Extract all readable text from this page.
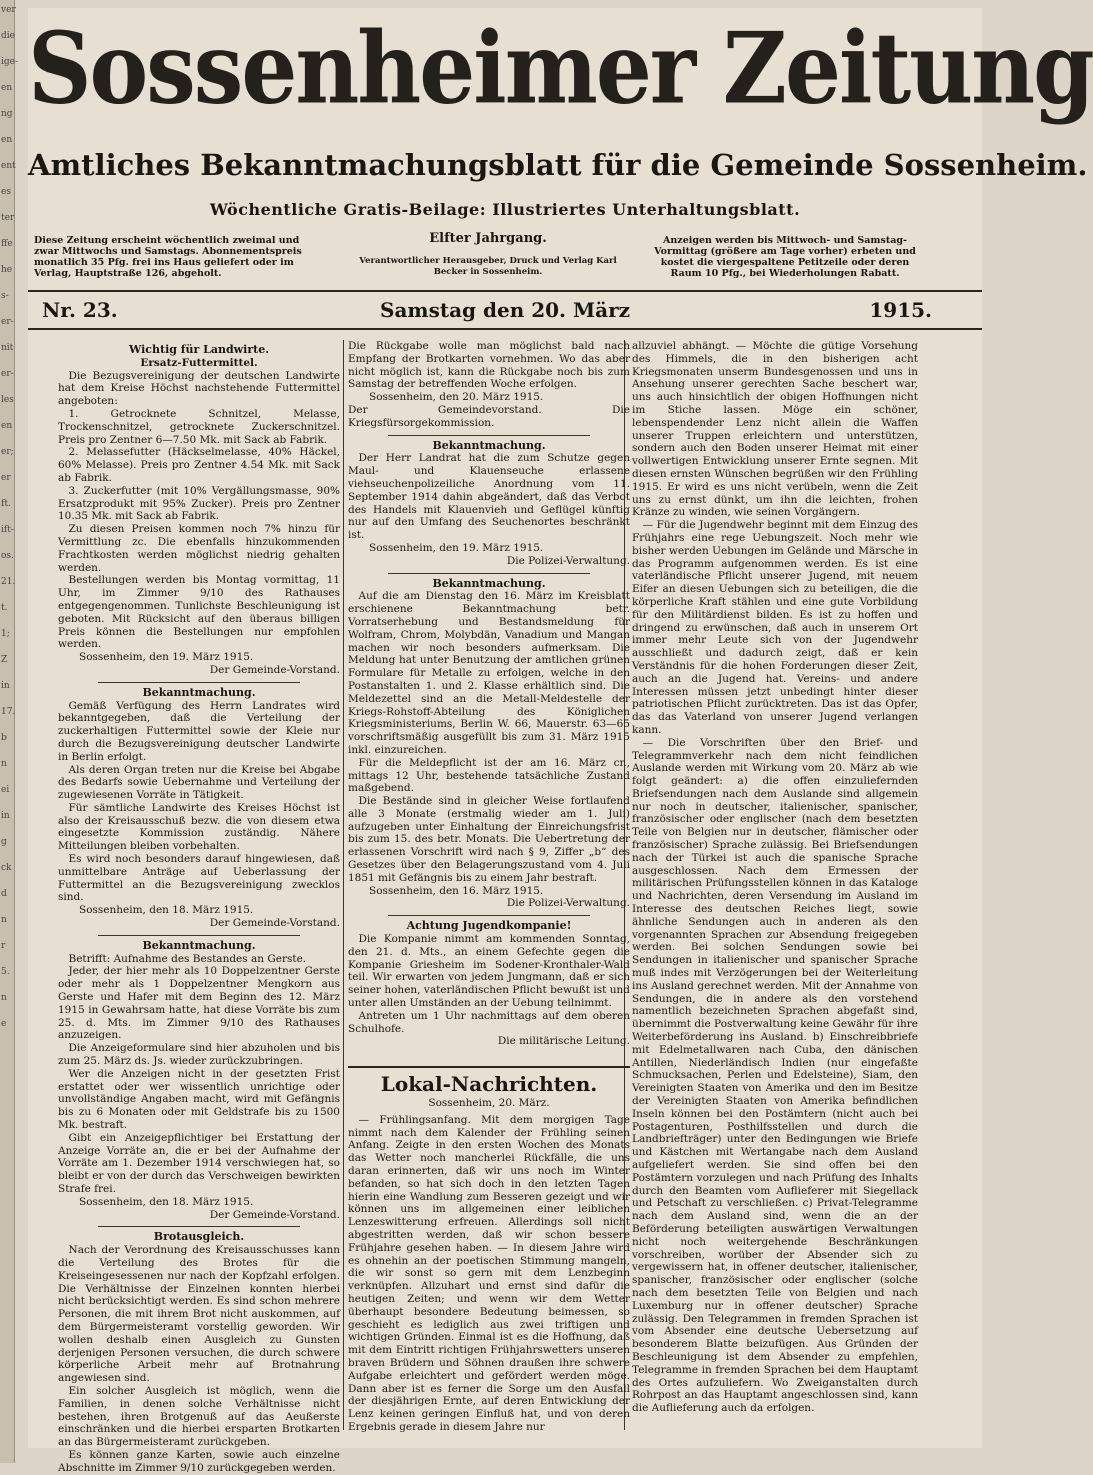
ver
die
ige-
en
ng
en
ent
es
ter
ffe
he
s-
er-
nit
er-
les
en
er;
er
ft.
ift-
os.
21.
t.
1;
Z
in
17.
b
n
ei
in
g
ck
d
n
r
5.
n
e
Sossenheimer Zeitung
Amtliches Bekanntmachungsblatt für die Gemeinde Sossenheim.
Wöchentliche Gratis-Beilage: Illustriertes Unterhaltungsblatt.
Diese Zeitung erscheint wöchentlich zweimal und zwar Mittwochs und Samstags. Abonnementspreis monatlich 35 Pfg. frei ins Haus geliefert oder im Verlag, Hauptstraße 126, abgeholt.
Elfter Jahrgang.
Verantwortlicher Herausgeber, Druck und Verlag Karl Becker in Sossenheim.
Anzeigen werden bis Mittwoch- und Samstag-Vormittag (größere am Tage vorher) erbeten und kostet die viergespaltene Petitzeile oder deren Raum 10 Pfg., bei Wiederholungen Rabatt.
Nr. 23.	Samstag den 20. März	1915.
Wichtig für Landwirte.
Ersatz-Futtermittel.

Die Bezugsvereinigung der deutschen Landwirte hat dem Kreise Höchst nachstehende Futtermittel angeboten:

1. Getrocknete Schnitzel, Melasse, Trockenschnitzel, getrocknete Zuckerschnitzel. Preis pro Zentner 6—7.50 Mk. mit Sack ab Fabrik.

2. Melassefutter (Häckselmelasse, 40% Häckel, 60% Melasse). Preis pro Zentner 4.54 Mk. mit Sack ab Fabrik.

3. Zuckerfutter (mit 10% Vergällungsmasse, 90% Ersatzprodukt mit 95% Zucker). Preis pro Zentner 10.35 Mk. mit Sack ab Fabrik.

Zu diesen Preisen kommen noch 7% hinzu für Vermittlung zc. Die ebenfalls hinzukommenden Frachtkosten werden möglichst niedrig gehalten werden.

Bestellungen werden bis Montag vormittag, 11 Uhr, im Zimmer 9/10 des Rathauses entgegengenommen. Tunlichste Beschleunigung ist geboten. Mit Rücksicht auf den überaus billigen Preis können die Bestellungen nur empfohlen werden.

Sossenheim, den 19. März 1915.
Der Gemeinde-Vorstand.
Bekanntmachung.

Gemäß Verfügung des Herrn Landrates wird bekanntgegeben, daß die Verteilung der zuckerhaltigen Futtermittel sowie der Kleie nur durch die Bezugsvereinigung deutscher Landwirte in Berlin erfolgt.

Als deren Organ treten nur die Kreise bei Abgabe des Bedarfs sowie Uebernahme und Verteilung der zugewiesenen Vorräte in Tätigkeit.

Für sämtliche Landwirte des Kreises Höchst ist also der Kreisausschuß bezw. die von diesem etwa eingesetzte Kommission zuständig. Nähere Mitteilungen bleiben vorbehalten.

Es wird noch besonders darauf hingewiesen, daß unmittelbare Anträge auf Ueberlassung der Futtermittel an die Bezugsvereinigung zwecklos sind.

Sossenheim, den 18. März 1915.
Der Gemeinde-Vorstand.
Bekanntmachung.

Betrifft: Aufnahme des Bestandes an Gerste.

Jeder, der hier mehr als 10 Doppelzentner Gerste oder mehr als 1 Doppelzentner Mengkorn aus Gerste und Hafer mit dem Beginn des 12. März 1915 in Gewahrsam hatte, hat diese Vorräte bis zum 25. d. Mts. im Zimmer 9/10 des Rathauses anzuzeigen.

Die Anzeigeformulare sind hier abzuholen und bis zum 25. März ds. Js. wieder zurückzubringen.

Wer die Anzeigen nicht in der gesetzten Frist erstattet oder wer wissentlich unrichtige oder unvollständige Angaben macht, wird mit Gefängnis bis zu 6 Monaten oder mit Geldstrafe bis zu 1500 Mk. bestraft.

Gibt ein Anzeigepflichtiger bei Erstattung der Anzeige Vorräte an, die er bei der Aufnahme der Vorräte am 1. Dezember 1914 verschwiegen hat, so bleibt er von der durch das Verschweigen bewirkten Strafe frei.

Sossenheim, den 18. März 1915.
Der Gemeinde-Vorstand.
Brotausgleich.

Nach der Verordnung des Kreisausschusses kann die Verteilung des Brotes für die Kreiseingesessenen nur nach der Kopfzahl erfolgen. Die Verhältnisse der Einzelnen konnten hierbei nicht berücksichtigt werden. Es sind schon mehrere Personen, die mit ihrem Brot nicht auskommen, auf dem Bürgermeisteramt vorstellig geworden. Wir wollen deshalb einen Ausgleich zu Gunsten derjenigen Personen versuchen, die durch schwere körperliche Arbeit mehr auf Brotnahrung angewiesen sind.

Ein solcher Ausgleich ist möglich, wenn die Familien, in denen solche Verhältnisse nicht bestehen, ihren Brotgenuß auf das Aeußerste einschränken und die hierbei ersparten Brotkarten an das Bürgermeisteramt zurückgeben.

Es können ganze Karten, sowie auch einzelne Abschnitte im Zimmer 9/10 zurückgegeben werden.

Die Rückgabe wolle man möglichst bald nach Empfang der Brotkarten vornehmen. Wo das aber nicht möglich ist, kann die Rückgabe noch bis zum Samstag der betreffenden Woche erfolgen.

Sossenheim, den 20. März 1915.
Der Gemeindevorstand. Die Kriegsfürsorgekommission.
Bekanntmachung.

Der Herr Landrat hat die zum Schutze gegen Maul- und Klauenseuche erlassene viehseuchenpolizeiliche Anordnung vom 11. September 1914 dahin abgeändert, daß das Verbot des Handels mit Klauenvieh und Geflügel künftig nur auf den Umfang des Seuchenortes beschränkt ist.

Sossenheim, den 19. März 1915.
Die Polizei-Verwaltung.
Bekanntmachung.

Auf die am Dienstag den 16. März im Kreisblatt erschienene Bekanntmachung betr. Vorratserhebung und Bestandsmeldung für Wolfram, Chrom, Molybdän, Vanadium und Mangan machen wir noch besonders aufmerksam. Die Meldung hat unter Benutzung der amtlichen grünen Formulare für Metalle zu erfolgen, welche in den Postanstalten 1. und 2. Klasse erhältlich sind. Die Meldezettel sind an die Metall-Meldestelle der Kriegs-Rohstoff-Abteilung des Königlichen Kriegsministeriums, Berlin W. 66, Mauerstr. 63—65 vorschriftsmäßig ausgefüllt bis zum 31. März 1915 inkl. einzureichen.

Für die Meldepflicht ist der am 16. März cr., mittags 12 Uhr, bestehende tatsächliche Zustand maßgebend.

Die Bestände sind in gleicher Weise fortlaufend alle 3 Monate (erstmalig wieder am 1. Juli) aufzugeben unter Einhaltung der Einreichungsfrist bis zum 15. des betr. Monats. Die Uebertretung der erlassenen Vorschrift wird nach § 9, Ziffer „b“ des Gesetzes über den Belagerungszustand vom 4. Juli 1851 mit Gefängnis bis zu einem Jahr bestraft.

Sossenheim, den 16. März 1915.
Die Polizei-Verwaltung.
Achtung Jugendkompanie!

Die Kompanie nimmt am kommenden Sonntag, den 21. d. Mts., an einem Gefechte gegen die Kompanie Griesheim im Sodener-Kronthaler-Wald teil. Wir erwarten von jedem Jungmann, daß er sich seiner hohen, vaterländischen Pflicht bewußt ist und unter allen Umständen an der Uebung teilnimmt.

Antreten um 1 Uhr nachmittags auf dem oberen Schulhofe.

Die militärische Leitung.
Lokal-Nachrichten.
Sossenheim, 20. März.

— Frühlingsanfang. Mit dem morgigen Tage nimmt nach dem Kalender der Frühling seinen Anfang. Zeigte in den ersten Wochen des Monats das Wetter noch mancherlei Rückfälle, die uns daran erinnerten, daß wir uns noch im Winter befanden, so hat sich doch in den letzten Tagen hierin eine Wandlung zum Besseren gezeigt und wir können uns im allgemeinen einer leiblichen Lenzeswitterung erfreuen. Allerdings soll nicht abgestritten werden, daß wir schon bessere Frühjahre gesehen haben. — In diesem Jahre wird es ohnehin an der poetischen Stimmung mangeln, die wir sonst so gern mit dem Lenzbeginn verknüpfen. Allzuhart und ernst sind dafür die heutigen Zeiten; und wenn wir dem Wetter überhaupt besondere Bedeutung beimessen, so geschieht es lediglich aus zwei triftigen und wichtigen Gründen. Einmal ist es die Hoffnung, daß mit dem Eintritt richtigen Frühjahrswetters unseren braven Brüdern und Söhnen draußen ihre schwere Aufgabe erleichtert und gefördert werden möge. Dann aber ist es ferner die Sorge um den Ausfall der diesjährigen Ernte, auf deren Entwicklung der Lenz keinen geringen Einfluß hat, und von deren Ergebnis gerade in diesem Jahre nur

allzuviel abhängt. — Möchte die gütige Vorsehung des Himmels, die in den bisherigen acht Kriegsmonaten unserm Bundesgenossen und uns in Ansehung unserer gerechten Sache beschert war, uns auch hinsichtlich der obigen Hoffnungen nicht im Stiche lassen. Möge ein schöner, lebenspendender Lenz nicht allein die Waffen unserer Truppen erleichtern und unterstützen, sondern auch den Boden unserer Heimat mit einer vollwertigen Entwicklung unserer Ernte segnen. Mit diesen ernsten Wünschen begrüßen wir den Frühling 1915. Er wird es uns nicht verübeln, wenn die Zeit uns zu ernst dünkt, um ihn die leichten, frohen Kränze zu winden, wie seinen Vorgängern.

— Für die Jugendwehr beginnt mit dem Einzug des Frühjahrs eine rege Uebungszeit. Noch mehr wie bisher werden Uebungen im Gelände und Märsche in das Programm aufgenommen werden. Es ist eine vaterländische Pflicht unserer Jugend, mit neuem Eifer an diesen Uebungen sich zu beteiligen, die die körperliche Kraft stählen und eine gute Vorbildung für den Militärdienst bilden. Es ist zu hoffen und dringend zu erwünschen, daß auch in unserem Ort immer mehr Leute sich von der Jugendwehr ausschließt und dadurch zeigt, daß er kein Verständnis für die hohen Forderungen dieser Zeit, auch an die Jugend hat. Vereins- und andere Interessen müssen jetzt unbedingt hinter dieser patriotischen Pflicht zurücktreten. Das ist das Opfer, das das Vaterland von unserer Jugend verlangen kann.

— Die Vorschriften über den Brief- und Telegrammverkehr nach dem nicht feindlichen Auslande werden mit Wirkung vom 20. März ab wie folgt geändert: a) die offen einzuliefernden Briefsendungen nach dem Auslande sind allgemein nur noch in deutscher, italienischer, spanischer, französischer oder englischer (nach dem besetzten Teile von Belgien nur in deutscher, flämischer oder französischer) Sprache zulässig. Bei Briefsendungen nach der Türkei ist auch die spanische Sprache ausgeschlossen. Nach dem Ermessen der militärischen Prüfungsstellen können in das Kataloge und Nachrichten, deren Versendung im Ausland im Interesse des deutschen Reiches liegt, sowie ähnliche Sendungen auch in anderen als den vorgenannten Sprachen zur Absendung freigegeben werden. Bei solchen Sendungen sowie bei Sendungen in italienischer und spanischer Sprache muß indes mit Verzögerungen bei der Weiterleitung ins Ausland gerechnet werden. Mit der Annahme von Sendungen, die in andere als den vorstehend namentlich bezeichneten Sprachen abgefaßt sind, übernimmt die Postverwaltung keine Gewähr für ihre Weiterbeförderung ins Ausland. b) Einschreibbriefe mit Edelmetallwaren nach Cuba, den dänischen Antillen, Niederländisch Indien (nur eingefaßte Schmucksachen, Perlen und Edelsteine), Siam, den Vereinigten Staaten von Amerika und den im Besitze der Vereinigten Staaten von Amerika befindlichen Inseln können bei den Postämtern (nicht auch bei Postagenturen, Posthilfsstellen und durch die Landbriefträger) unter den Bedingungen wie Briefe und Kästchen mit Wertangabe nach dem Ausland aufgeliefert werden. Sie sind offen bei den Postämtern vorzulegen und nach Prüfung des Inhalts durch den Beamten vom Auflieferer mit Siegellack und Petschaft zu verschließen. c) Privat-Telegramme nach dem Ausland sind, wenn die an der Beförderung beteiligten auswärtigen Verwaltungen nicht noch weitergehende Beschränkungen vorschreiben, worüber der Absender sich zu vergewissern hat, in offener deutscher, italienischer, spanischer, französischer oder englischer (solche nach dem besetzten Teile von Belgien und nach Luxemburg nur in offener deutscher) Sprache zulässig. Den Telegrammen in fremden Sprachen ist vom Absender eine deutsche Uebersetzung auf besonderem Blatte beizufügen. Aus Gründen der Beschleunigung ist dem Absender zu empfehlen, Telegramme in fremden Sprachen bei dem Hauptamt des Ortes aufzuliefern. Wo Zweiganstalten durch Rohrpost an das Hauptamt angeschlossen sind, kann die Auflieferung auch da erfolgen.
